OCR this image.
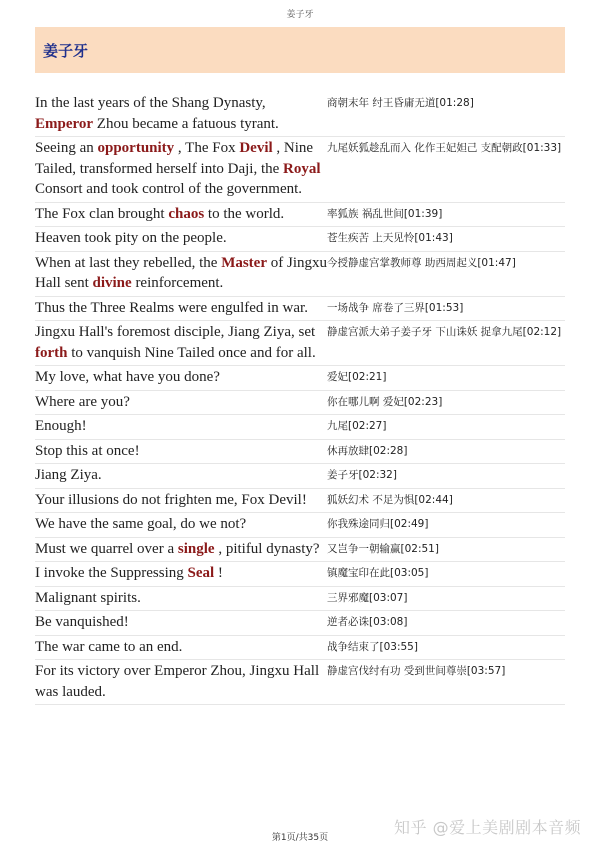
姜子牙
姜子牙
In the last years of the Shang Dynasty, Emperor Zhou became a fatuous tyrant.
商朝末年 纣王昏庸无道[01:28]
Seeing an opportunity , The Fox Devil , Nine Tailed, transformed herself into Daji, the Royal Consort and took control of the government.
九尾妖狐趁乱而入 化作王妃妲己 支配朝政[01:33]
The Fox clan brought chaos to the world.	率狐族 祸乱世间[01:39]
Heaven took pity on the people.	苍生疾苦 上天见怜[01:43]
When at last they rebelled, the Master of Jingxu Hall sent divine reinforcement.
今授静虚宫掌教师尊 助西周起义[01:47]
Thus the Three Realms were engulfed in war.	一场战争 席卷了三界[01:53]
Jingxu Hall's foremost disciple, Jiang Ziya, set forth to vanquish Nine Tailed once and for all.
静虚宫派大弟子姜子牙 下山诛妖 捉拿九尾[02:12]
My love, what have you done?	爱妃[02:21]
Where are you?	你在哪儿啊 爱妃[02:23]
Enough!	九尾[02:27]
Stop this at once!	休再放肆[02:28]
Jiang Ziya.	姜子牙[02:32]
Your illusions do not frighten me, Fox Devil!	狐妖幻术 不足为惧[02:44]
We have the same goal, do we not?	你我殊途同归[02:49]
Must we quarrel over a single , pitiful dynasty? 又岂争一朝输赢[02:51]
I invoke the Suppressing Seal !	镇魔宝印在此[03:05]
Malignant spirits.	三界邪魔[03:07]
Be vanquished!	逆者必诛[03:08]
The war came to an end.	战争结束了[03:55]
For its victory over Emperor Zhou, Jingxu Hall was lauded.
静虚宫伐纣有功 受到世间尊崇[03:57]
知乎 @爱上美剧剧本音频
第1页/共35页
